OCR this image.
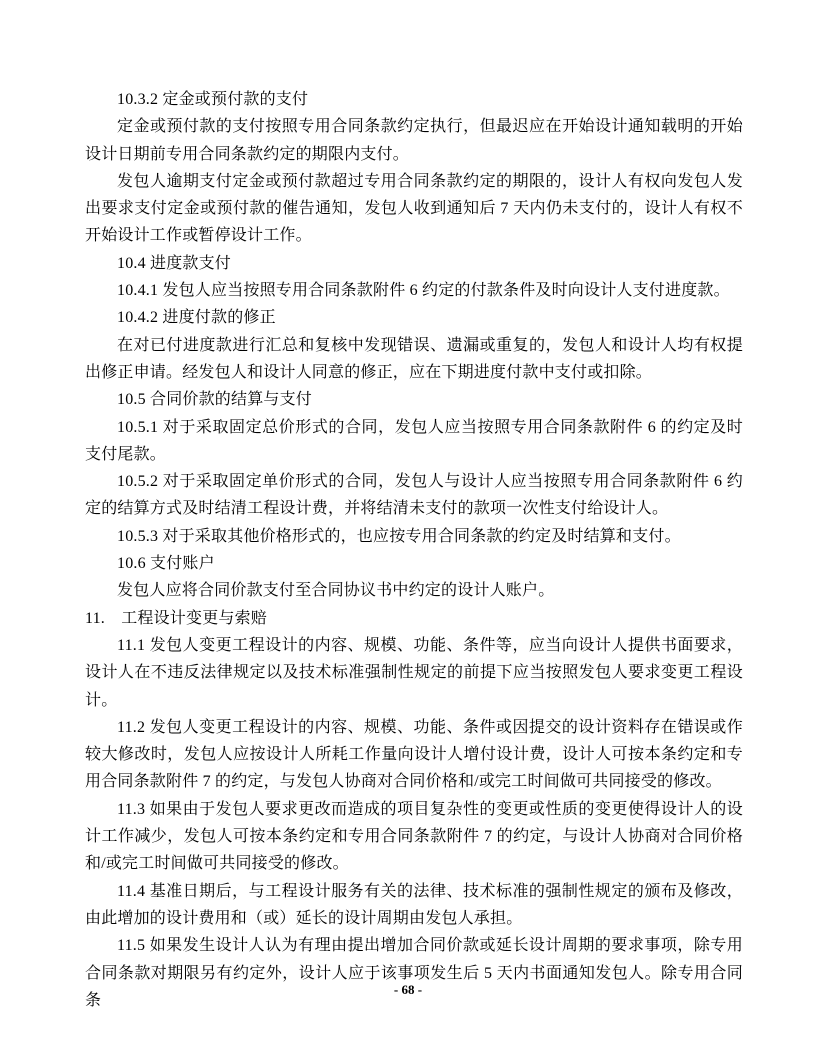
10.3.2 定金或预付款的支付

定金或预付款的支付按照专用合同条款约定执行，但最迟应在开始设计通知载明的开始设计日期前专用合同条款约定的期限内支付。

发包人逾期支付定金或预付款超过专用合同条款约定的期限的，设计人有权向发包人发出要求支付定金或预付款的催告通知，发包人收到通知后 7 天内仍未支付的，设计人有权不开始设计工作或暂停设计工作。

10.4 进度款支付

10.4.1 发包人应当按照专用合同条款附件 6 约定的付款条件及时向设计人支付进度款。

10.4.2 进度付款的修正

在对已付进度款进行汇总和复核中发现错误、遗漏或重复的，发包人和设计人均有权提出修正申请。经发包人和设计人同意的修正，应在下期进度付款中支付或扣除。

10.5 合同价款的结算与支付

10.5.1 对于采取固定总价形式的合同，发包人应当按照专用合同条款附件 6 的约定及时支付尾款。

10.5.2 对于采取固定单价形式的合同，发包人与设计人应当按照专用合同条款附件 6 约定的结算方式及时结清工程设计费，并将结清未支付的款项一次性支付给设计人。

10.5.3 对于采取其他价格形式的，也应按专用合同条款的约定及时结算和支付。

10.6 支付账户

发包人应将合同价款支付至合同协议书中约定的设计人账户。

11.　工程设计变更与索赔

11.1 发包人变更工程设计的内容、规模、功能、条件等，应当向设计人提供书面要求，设计人在不违反法律规定以及技术标准强制性规定的前提下应当按照发包人要求变更工程设计。

11.2 发包人变更工程设计的内容、规模、功能、条件或因提交的设计资料存在错误或作较大修改时，发包人应按设计人所耗工作量向设计人增付设计费，设计人可按本条约定和专用合同条款附件 7 的约定，与发包人协商对合同价格和/或完工时间做可共同接受的修改。

11.3 如果由于发包人要求更改而造成的项目复杂性的变更或性质的变更使得设计人的设计工作减少，发包人可按本条约定和专用合同条款附件 7 的约定，与设计人协商对合同价格和/或完工时间做可共同接受的修改。

11.4 基准日期后，与工程设计服务有关的法律、技术标准的强制性规定的颁布及修改，由此增加的设计费用和（或）延长的设计周期由发包人承担。

11.5 如果发生设计人认为有理由提出增加合同价款或延长设计周期的要求事项，除专用合同条款对期限另有约定外，设计人应于该事项发生后 5 天内书面通知发包人。除专用合同条

- 68 -
